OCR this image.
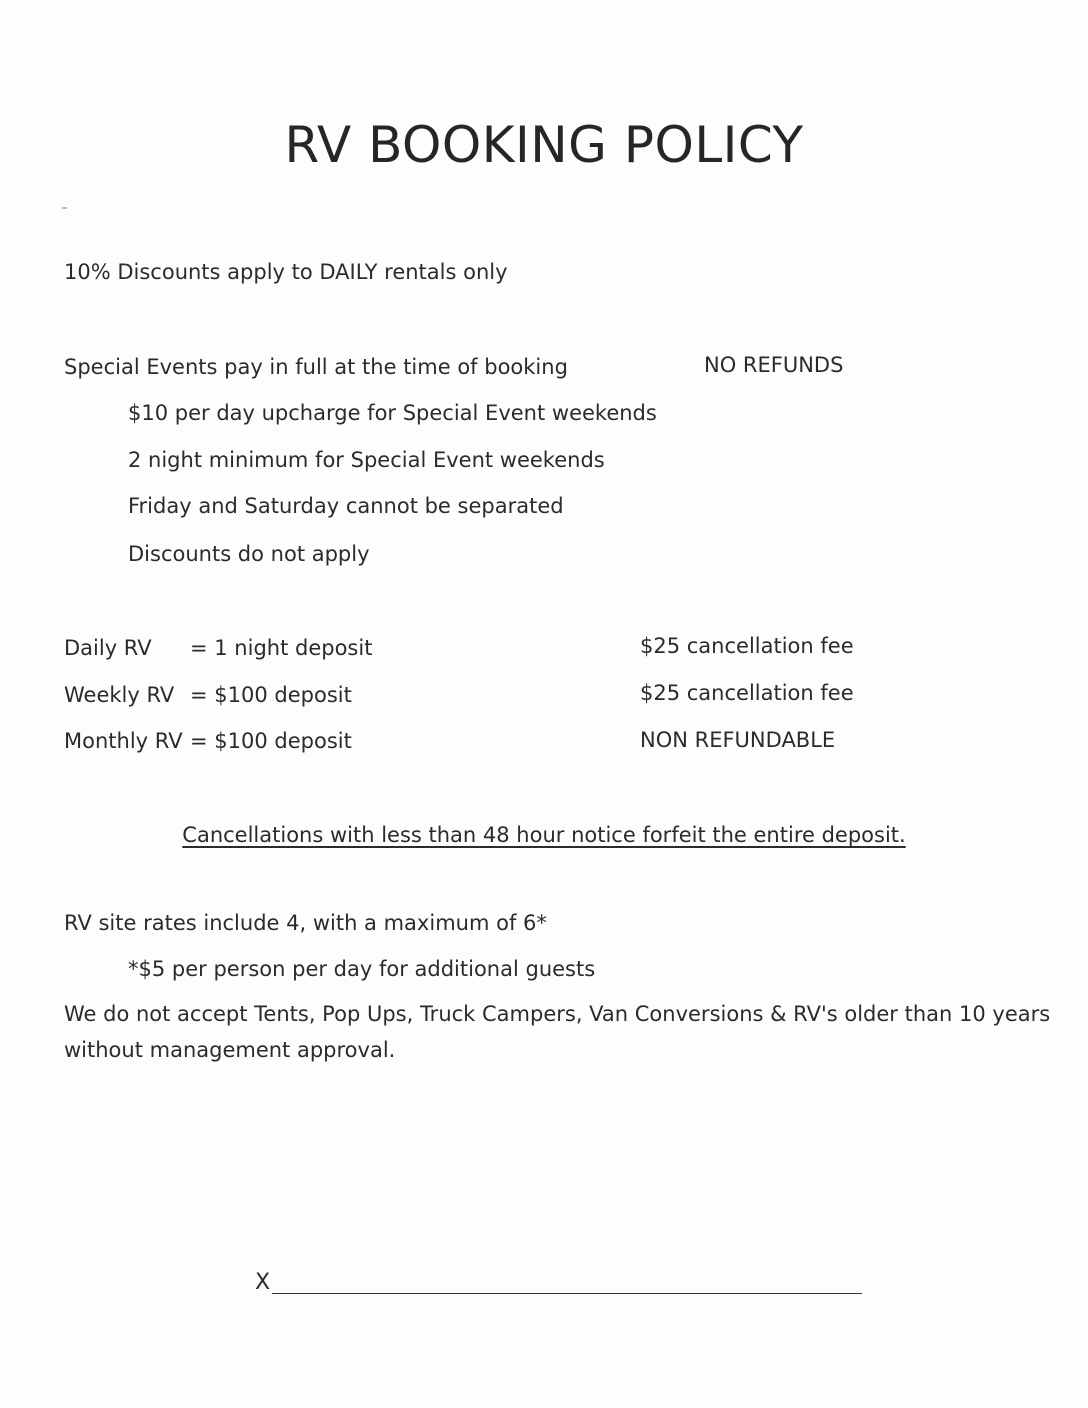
RV BOOKING POLICY
10% Discounts apply to DAILY rentals only
Special Events pay in full at the time of booking	NO REFUNDS
$10 per day upcharge for Special Event weekends
2 night minimum for Special Event weekends
Friday and Saturday cannot be separated
Discounts do not apply
Daily RV = 1 night deposit	$25 cancellation fee
Weekly RV = $100 deposit	$25 cancellation fee
Monthly RV = $100 deposit	NON REFUNDABLE
Cancellations with less than 48 hour notice forfeit the entire deposit.
RV site rates include 4, with a maximum of 6*
*$5 per person per day for additional guests
We do not accept Tents, Pop Ups, Truck Campers, Van Conversions & RV's older than 10 years
without management approval.
X
